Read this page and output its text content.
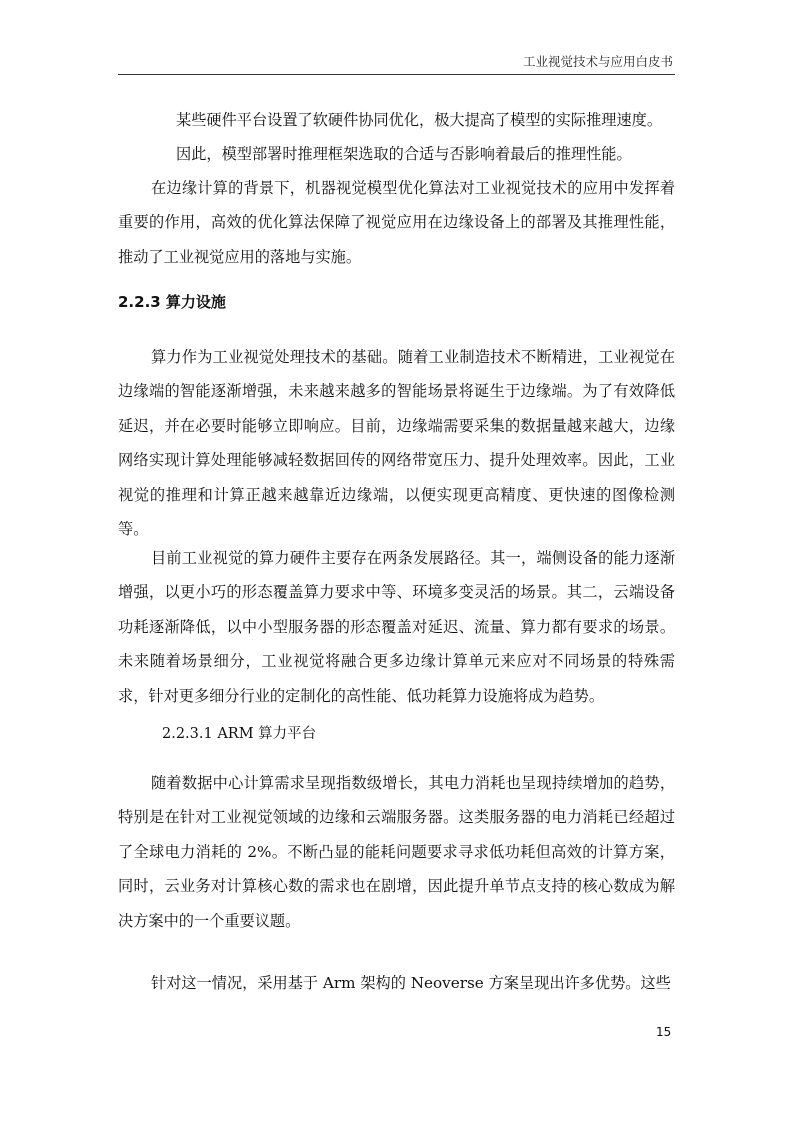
工业视觉技术与应用白皮书

某些硬件平台设置了软硬件协同优化，极大提高了模型的实际推理速度。

因此，模型部署时推理框架选取的合适与否影响着最后的推理性能。

在边缘计算的背景下，机器视觉模型优化算法对工业视觉技术的应用中发挥着重要的作用，高效的优化算法保障了视觉应用在边缘设备上的部署及其推理性能，推动了工业视觉应用的落地与实施。

2.2.3 算力设施

算力作为工业视觉处理技术的基础。随着工业制造技术不断精进，工业视觉在边缘端的智能逐渐增强，未来越来越多的智能场景将诞生于边缘端。为了有效降低延迟，并在必要时能够立即响应。目前，边缘端需要采集的数据量越来越大，边缘网络实现计算处理能够减轻数据回传的网络带宽压力、提升处理效率。因此，工业视觉的推理和计算正越来越靠近边缘端，以便实现更高精度、更快速的图像检测等。

目前工业视觉的算力硬件主要存在两条发展路径。其一，端侧设备的能力逐渐增强，以更小巧的形态覆盖算力要求中等、环境多变灵活的场景。其二，云端设备功耗逐渐降低，以中小型服务器的形态覆盖对延迟、流量、算力都有要求的场景。未来随着场景细分，工业视觉将融合更多边缘计算单元来应对不同场景的特殊需求，针对更多细分行业的定制化的高性能、低功耗算力设施将成为趋势。

2.2.3.1 ARM 算力平台

随着数据中心计算需求呈现指数级增长，其电力消耗也呈现持续增加的趋势，特别是在针对工业视觉领域的边缘和云端服务器。这类服务器的电力消耗已经超过了全球电力消耗的 2%。不断凸显的能耗问题要求寻求低功耗但高效的计算方案，同时，云业务对计算核心数的需求也在剧增，因此提升单节点支持的核心数成为解决方案中的一个重要议题。

针对这一情况，采用基于 Arm 架构的 Neoverse 方案呈现出许多优势。这些

15
